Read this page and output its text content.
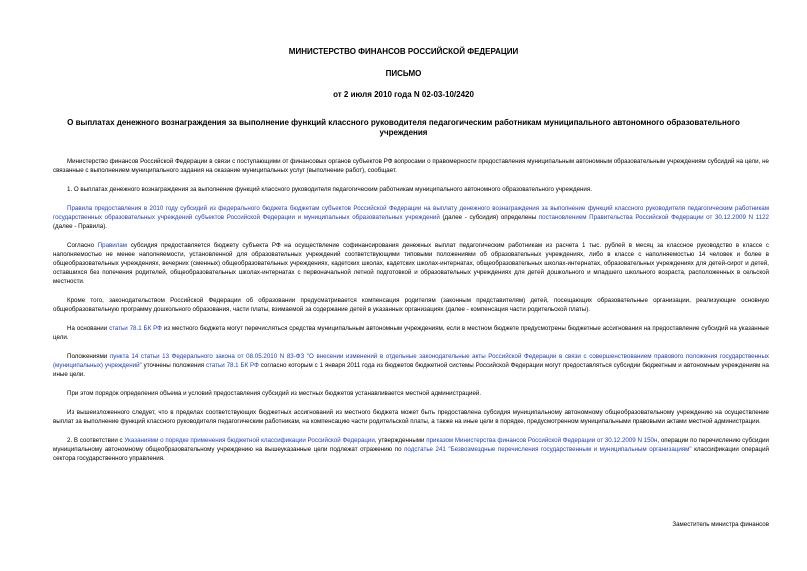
МИНИСТЕРСТВО ФИНАНСОВ РОССИЙСКОЙ ФЕДЕРАЦИИ
ПИСЬМО
от 2 июля 2010 года N 02-03-10/2420
О выплатах денежного вознаграждения за выполнение функций классного руководителя педагогическим работникам муниципального автономного образовательного учреждения

Министерство финансов Российской Федерации в связи с поступающими от финансовых органов субъектов РФ вопросами о правомерности предоставления муниципальным автономным образовательным учреждениям субсидий на цели, не связанные с выполнением муниципального задания на оказание муниципальных услуг (выполнение работ), сообщает.

1. О выплатах денежного вознаграждения за выполнение функций классного руководителя педагогическим работникам муниципального автономного образовательного учреждения.

Правила предоставления в 2010 году субсидий из федерального бюджета бюджетам субъектов Российской Федерации на выплату денежного вознаграждения за выполнение функций классного руководителя педагогическим работникам государственных образовательных учреждений субъектов Российской Федерации и муниципальных образовательных учреждений (далее - субсидия) определены постановлением Правительства Российской Федерации от 30.12.2009 N 1122 (далее - Правила).

Согласно Правилам субсидия предоставляется бюджету субъекта РФ на осуществление софинансирования денежных выплат педагогическим работникам из расчета 1 тыс. рублей в месяц за классное руководство в классе с наполняемостью не менее наполняемости, установленной для образовательных учреждений соответствующими типовыми положениями об образовательных учреждениях, либо в классе с наполняемостью 14 человек и более в общеобразовательных учреждениях, вечерних (сменных) общеобразовательных учреждениях, кадетских школах, кадетских школах-интернатах, общеобразовательных школах-интернатах, образовательных учреждениях для детей-сирот и детей, оставшихся без попечения родителей, общеобразовательных школах-интернатах с первоначальной летной подготовкой и образовательных учреждениях для детей дошкольного и младшего школьного возраста, расположенных в сельской местности.

Кроме того, законодательством Российской Федерации об образовании предусматривается компенсация родителям (законным представителям) детей, посещающих образовательные организации, реализующие основную общеобразовательную программу дошкольного образования, части платы, взимаемой за содержание детей в указанных организациях (далее - компенсация части родительской платы).

На основании статьи 78.1 БК РФ из местного бюджета могут перечисляться средства муниципальным автономным учреждениям, если в местном бюджете предусмотрены бюджетные ассигнования на предоставление субсидий на указанные цели.

Положениями пункта 14 статьи 13 Федерального закона от 08.05.2010 N 83-ФЗ "О внесении изменений в отдельные законодательные акты Российской Федерации в связи с совершенствованием правового положения государственных (муниципальных) учреждений" уточнены положения статьи 78.1 БК РФ согласно которым с 1 января 2011 года из бюджетов бюджетной системы Российской Федерации могут предоставляться субсидии бюджетным и автономным учреждениям на иные цели.

При этом порядок определения объема и условий предоставления субсидий из местных бюджетов устанавливается местной администрацией.

Из вышеизложенного следует, что в пределах соответствующих бюджетных ассигнований из местного бюджета может быть предоставлена субсидия муниципальному автономному общеобразовательному учреждению на осуществление выплат за выполнение функций классного руководителя педагогическим работникам, на компенсацию части родительской платы, а также на иные цели в порядке, предусмотренном муниципальными правовыми актами местной администрации.

2. В соответствии с Указаниями о порядке применения бюджетной классификации Российской Федерации, утвержденными приказом Министерства финансов Российской Федерации от 30.12.2009 N 150н, операции по перечислению субсидии муниципальному автономному общеобразовательному учреждению на вышеуказанные цели подлежат отражению по подстатье 241 "Безвозмездные перечисления государственным и муниципальным организациям" классификации операций сектора государственного управления.

Заместитель министра финансов
